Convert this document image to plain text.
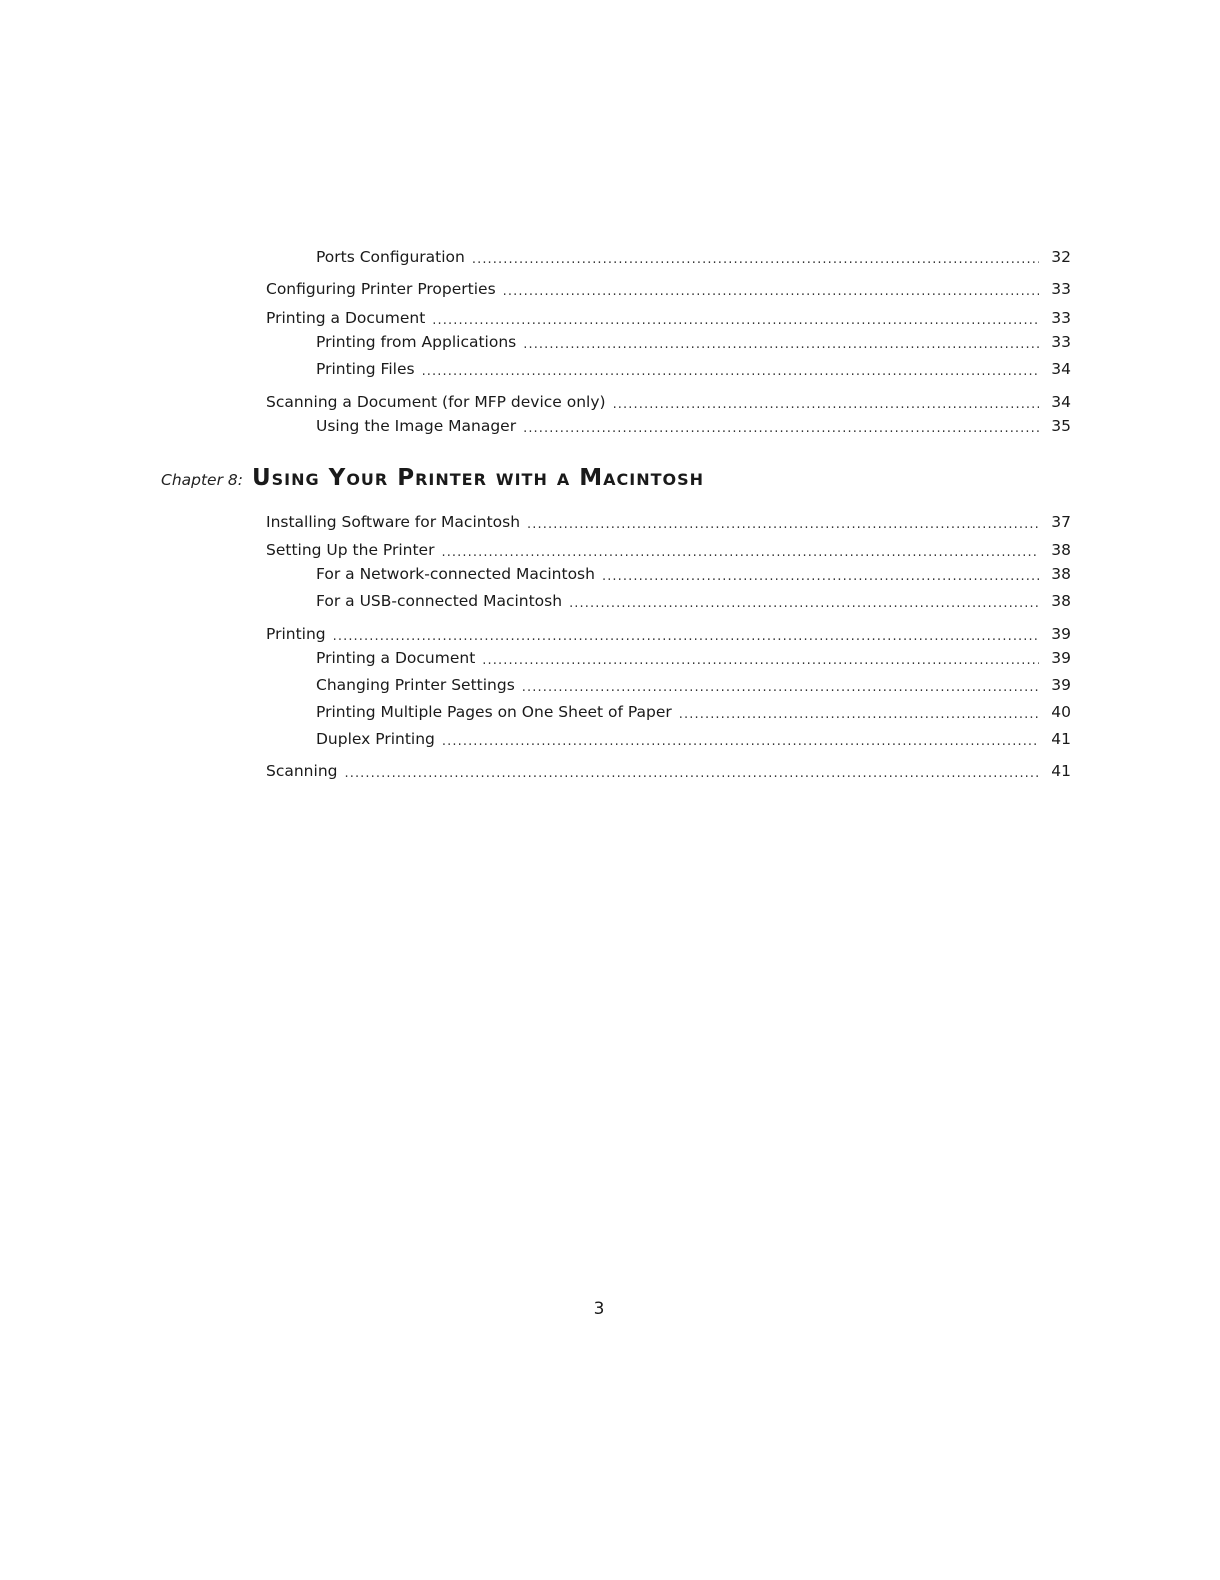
Ports Configuration .....	32
Configuring Printer Properties .....	33
Printing a Document .....	33
Printing from Applications .....	33
Printing Files .....	34
Scanning a Document (for MFP device only) .....	34
Using the Image Manager .....	35
Chapter 8: Using Your Printer with a Macintosh
Installing Software for Macintosh .....	37
Setting Up the Printer .....	38
For a Network-connected Macintosh .....	38
For a USB-connected Macintosh .....	38
Printing .....	39
Printing a Document .....	39
Changing Printer Settings .....	39
Printing Multiple Pages on One Sheet of Paper .....	40
Duplex Printing .....	41
Scanning .....	41
3
